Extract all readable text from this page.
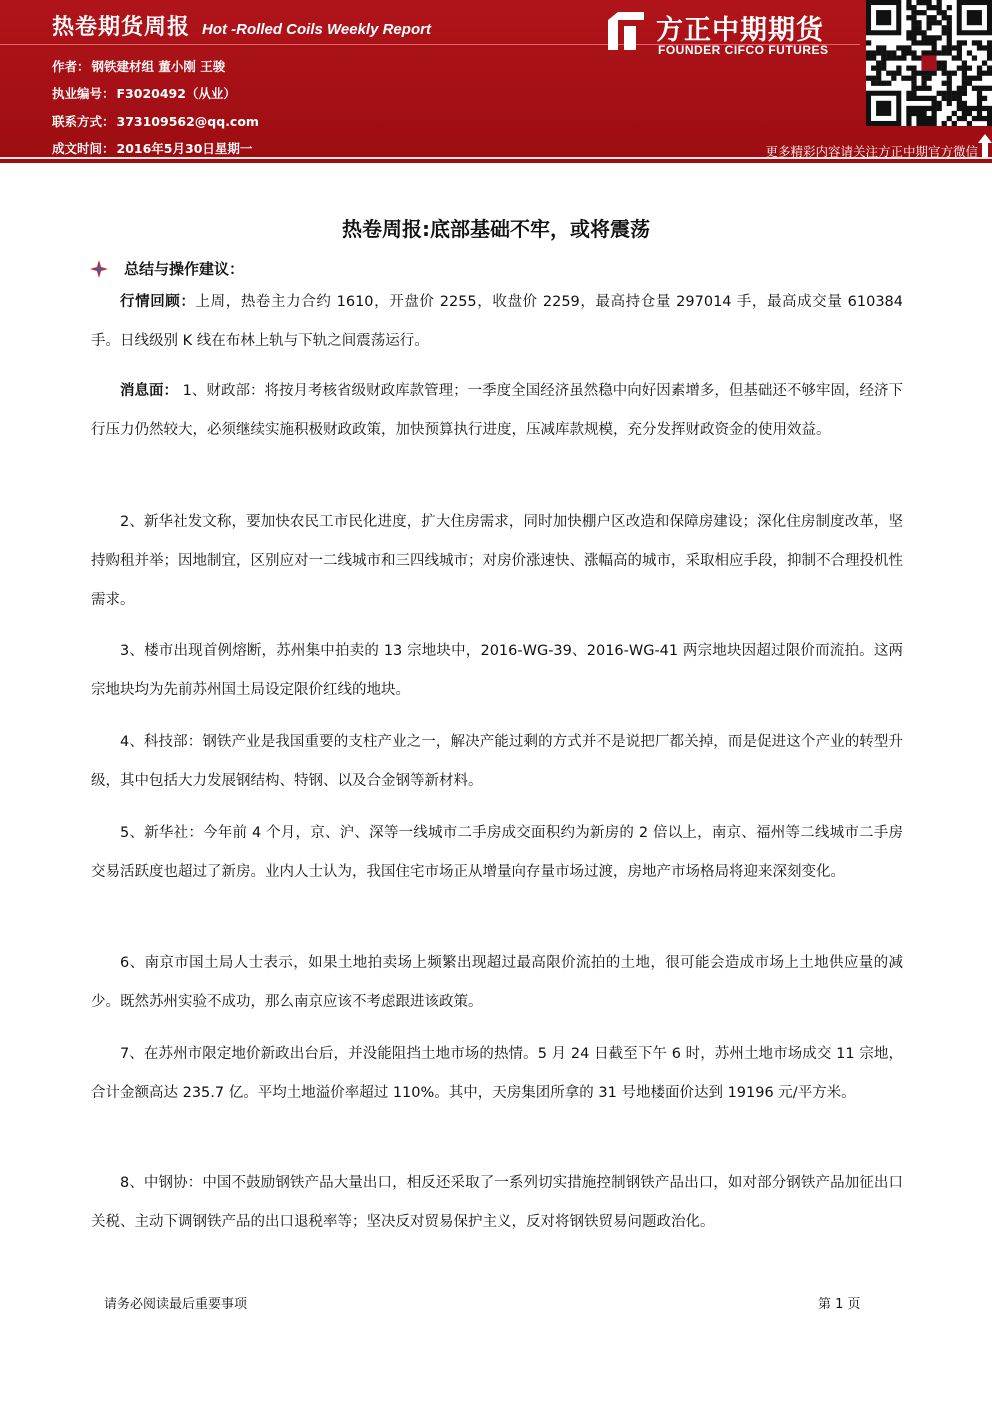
热卷期货周报 Hot -Rolled Coils Weekly Report
作者： 钢铁建材组 董小刚 王骏
执业编号： F3020492（从业）
联系方式： 373109562@qq.com
成文时间： 2016年5月30日星期一
方正中期期货
FOUNDER CIFCO FUTURES
更多精彩内容请关注方正中期官方微信
热卷周报:底部基础不牢，或将震荡
总结与操作建议：
行情回顾：上周，热卷主力合约 1610，开盘价 2255，收盘价 2259，最高持仓量 297014 手，最高成交量 610384 手。日线级别 K 线在布林上轨与下轨之间震荡运行。
消息面： 1、财政部：将按月考核省级财政库款管理；一季度全国经济虽然稳中向好因素增多，但基础还不够牢固，经济下行压力仍然较大，必须继续实施积极财政政策，加快预算执行进度，压减库款规模，充分发挥财政资金的使用效益。
2、新华社发文称，要加快农民工市民化进度，扩大住房需求，同时加快棚户区改造和保障房建设；深化住房制度改革，坚持购租并举；因地制宜，区别应对一二线城市和三四线城市；对房价涨速快、涨幅高的城市，采取相应手段，抑制不合理投机性需求。
3、楼市出现首例熔断，苏州集中拍卖的 13 宗地块中，2016-WG-39、2016-WG-41 两宗地块因超过限价而流拍。这两宗地块均为先前苏州国土局设定限价红线的地块。
4、科技部：钢铁产业是我国重要的支柱产业之一，解决产能过剩的方式并不是说把厂都关掉，而是促进这个产业的转型升级，其中包括大力发展钢结构、特钢、以及合金钢等新材料。
5、新华社：今年前 4 个月，京、沪、深等一线城市二手房成交面积约为新房的 2 倍以上，南京、福州等二线城市二手房交易活跃度也超过了新房。业内人士认为，我国住宅市场正从增量向存量市场过渡，房地产市场格局将迎来深刻变化。
6、南京市国土局人士表示，如果土地拍卖场上频繁出现超过最高限价流拍的土地，很可能会造成市场上土地供应量的减少。既然苏州实验不成功，那么南京应该不考虑跟进该政策。
7、在苏州市限定地价新政出台后，并没能阻挡土地市场的热情。5 月 24 日截至下午 6 时，苏州土地市场成交 11 宗地，合计金额高达 235.7 亿。平均土地溢价率超过 110%。其中，天房集团所拿的 31 号地楼面价达到 19196 元/平方米。
8、中钢协：中国不鼓励钢铁产品大量出口，相反还采取了一系列切实措施控制钢铁产品出口，如对部分钢铁产品加征出口关税、主动下调钢铁产品的出口退税率等；坚决反对贸易保护主义，反对将钢铁贸易问题政治化。
请务必阅读最后重要事项	第 1 页
